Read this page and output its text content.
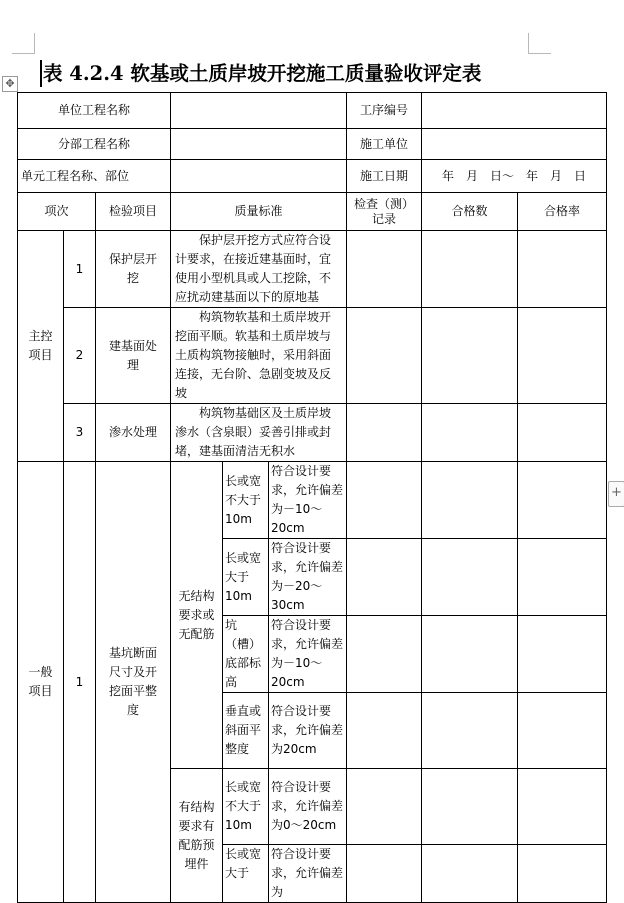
✥ 表 4.2.4 软基或土质岸坡开挖施工质量验收评定表
+
单位工程名称						工序编号		
分部工程名称						施工单位		
单元工程名称、部位						施工日期	年　月　日～　年　月　日	
项次		检验项目	质量标准			检查（测）记录	合格数	合格率
主控项目	1	保护层开挖	保护层开挖方式应符合设计要求，在接近建基面时，宜使用小型机具或人工挖除，不应扰动建基面以下的原地基					
	2	建基面处理	构筑物软基和土质岸坡开挖面平顺。软基和土质岸坡与土质构筑物接触时，采用斜面连接，无台阶、急剧变坡及反坡					
	3	渗水处理	构筑物基础区及土质岸坡渗水（含泉眼）妥善引排或封堵，建基面清洁无积水					
一般项目	1	基坑断面尺寸及开挖面平整度	无结构要求或无配筋	长或宽不大于10m	符合设计要求，允许偏差为－10～20cm			
				长或宽大于10m	符合设计要求，允许偏差为－20～30cm			
				坑（槽）底部标高	符合设计要求，允许偏差为－10～20cm			
				垂直或斜面平整度	符合设计要求，允许偏差为20cm			
			有结构要求有配筋预埋件	长或宽不大于10m	符合设计要求，允许偏差为0～20cm			
				长或宽大于	符合设计要求，允许偏差为			
